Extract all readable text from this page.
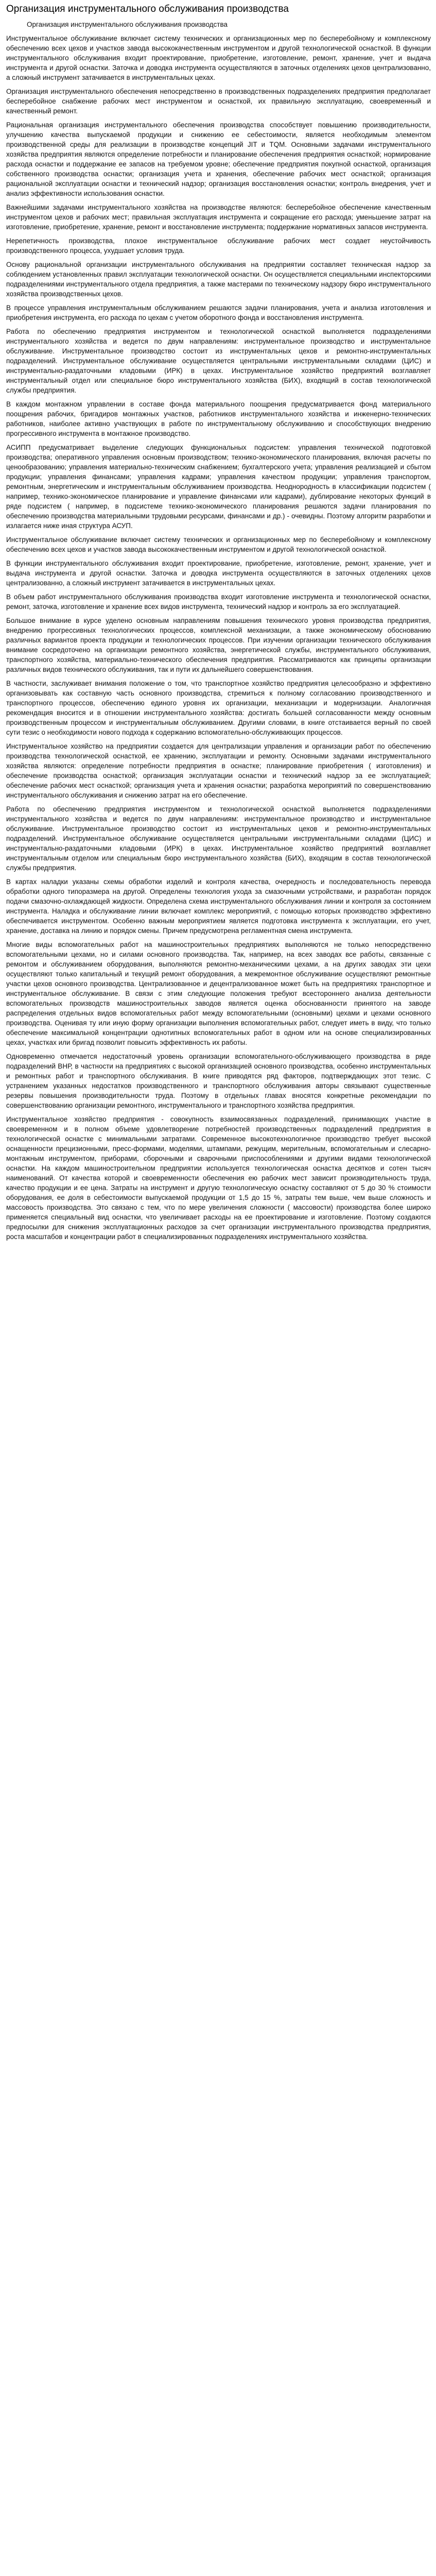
Организация инструментального обслуживания производства

Организация инструментального обслуживания производства

Инструментальное обслуживание включает систему технических и организационных мер по бесперебойному и комплексному обеспечению всех цехов и участков завода высококачественным инструментом и другой технологической оснасткой. В функции инструментального обслуживания входит проектирование, приобретение, изготовление, ремонт, хранение, учет и выдача инструмента и другой оснастки. Заточка и доводка инструмента осуществляются в заточных отделениях цехов централизованно, а сложный инструмент затачивается в инструментальных цехах.

Организация инструментального обеспечения непосредственно в производственных подразделениях предприятия предполагает бесперебойное снабжение рабочих мест инструментом и оснасткой, их правильную эксплуатацию, своевременный и качественный ремонт.

Рациональная организация инструментального обеспечения производства способствует повышению производительности, улучшению качества выпускаемой продукции и снижению ее себестоимости, является необходимым элементом производственной среды для реализации в производстве концепций JIT и TQM. Основными задачами инструментального хозяйства предприятия являются определение потребности и планирование обеспечения предприятия оснасткой; нормирование расхода оснастки и поддержание ее запасов на требуемом уровне; обеспечение предприятия покупной оснасткой, организация собственного производства оснастки; организация учета и хранения, обеспечение рабочих мест оснасткой; организация рациональной эксплуатации оснастки и технический надзор; организация восстановления оснастки; контроль внедрения, учет и анализ эффективности использования оснастки.

Важнейшими задачами инструментального хозяйства на производстве являются: бесперебойное обеспечение качественным инструментом цехов и рабочих мест; правильная эксплуатация инструмента и сокращение его расхода; уменьшение затрат на изготовление, приобретение, хранение, ремонт и восстановление инструмента; поддержание нормативных запасов инструмента.

Нерепетичность производства, плохое инструментальное обслуживание рабочих мест создает неустойчивость производственного процесса, ухудшает условия труда.

Основу рациональной организации инструментального обслуживания на предприятии составляет техническая надзор за соблюдением установленных правил эксплуатации технологической оснастки. Он осуществляется специальными инспекторскими подразделениями инструментального отдела предприятия, а также мастерами по техническому надзору бюро инструментального хозяйства производственных цехов.

В процессе управления инструментальным обслуживанием решаются задачи планирования, учета и анализа изготовления и приобретения инструмента, его расхода по цехам с учетом оборотного фонда и восстановления инструмента.

Работа по обеспечению предприятия инструментом и технологической оснасткой выполняется подразделениями инструментального хозяйства и ведется по двум направлениям: инструментальное производство и инструментальное обслуживание. Инструментальное производство состоит из инструментальных цехов и ремонтно-инструментальных подразделений. Инструментальное обслуживание осуществляется центральными инструментальными складами (ЦИС) и инструментально-раздаточными кладовыми (ИРК) в цехах. Инструментальное хозяйство предприятий возглавляет инструментальный отдел или специальное бюро инструментального хозяйства (БИХ), входящий в состав технологической службы предприятия.

В каждом монтажном управлении в составе фонда материального поощрения предусматривается фонд материального поощрения рабочих, бригадиров монтажных участков, работников инструментального хозяйства и инженерно-технических работников, наиболее активно участвующих в работе по инструментальному обслуживанию и способствующих внедрению прогрессивного инструмента в монтажное производство.

АСИПП предусматривает выделение следующих функциональных подсистем: управления технической подготовкой производства; оперативного управления основным производством; технико-экономического планирования, включая расчеты по ценообразованию; управления материально-техническим снабжением; бухгалтерского учета; управления реализацией и сбытом продукции; управления финансами; управления кадрами; управления качеством продукции; управления транспортом, ремонтным, энергетическим и инструментальным обслуживанием производства. Неоднородность в классификации подсистем ( например, технико-экономическое планирование и управление финансами или кадрами), дублирование некоторых функций в ряде подсистем ( например, в подсистеме технико-экономического планирования решаются задачи планирования по обеспечению производства материальными трудовыми ресурсами, финансами и др.) - очевидны. Поэтому алгоритм разработки и излагается ниже иная структура АСУП.

Инструментальное обслуживание включает систему технических и организационных мер по бесперебойному и комплексному обеспечению всех цехов и участков завода высококачественным инструментом и другой технологической оснасткой.

В функции инструментального обслуживания входит проектирование, приобретение, изготовление, ремонт, хранение, учет и выдача инструмента и другой оснастки. Заточка и доводка инструмента осуществляются в заточных отделениях цехов централизованно, а сложный инструмент затачивается в инструментальных цехах.

В объем работ инструментального обслуживания производства входит изготовление инструмента и технологической оснастки, ремонт, заточка, изготовление и хранение всех видов инструмента, технический надзор и контроль за его эксплуатацией.

Большое внимание в курсе уделено основным направлениям повышения технического уровня производства предприятия, внедрению прогрессивных технологических процессов, комплексной механизации, а также экономическому обоснованию различных вариантов проекта продукции и технологических процессов. При изучении организации технического обслуживания внимание сосредоточено на организации ремонтного хозяйства, энергетической службы, инструментального обслуживания, транспортного хозяйства, материально-технического обеспечения предприятия. Рассматриваются как принципы организации различных видов технического обслуживания, так и пути их дальнейшего совершенствования.

В частности, заслуживает внимания положение о том, что транспортное хозяйство предприятия целесообразно и эффективно организовывать как составную часть основного производства, стремиться к полному согласованию производственного и транспортного процессов, обеспечению единого уровня их организации, механизации и модернизации. Аналогичная рекомендация вносится и в отношении инструментального хозяйства: достигать большей согласованности между основным производственным процессом и инструментальным обслуживанием. Другими словами, в книге отстаивается верный по своей сути тезис о необходимости нового подхода к содержанию вспомогательно-обслуживающих процессов.

Инструментальное хозяйство на предприятии создается для централизации управления и организации работ по обеспечению производства технологической оснасткой, ее хранению, эксплуатации и ремонту. Основными задачами инструментального хозяйства являются: определение потребности предприятия в оснастке; планирование приобретения ( изготовления) и обеспечение производства оснасткой; организация эксплуатации оснастки и технический надзор за ее эксплуатацией; обеспечение рабочих мест оснасткой; организация учета и хранения оснастки; разработка мероприятий по совершенствованию инструментального обслуживания и снижению затрат на его обеспечение.

Работа по обеспечению предприятия инструментом и технологической оснасткой выполняется подразделениями инструментального хозяйства и ведется по двум направлениям: инструментальное производство и инструментальное обслуживание. Инструментальное производство состоит из инструментальных цехов и ремонтно-инструментальных подразделений. Инструментальное обслуживание осуществляется центральными инструментальными складами (ЦИС) и инструментально-раздаточными кладовыми (ИРК) в цехах. Инструментальное хозяйство предприятий возглавляет инструментальным отделом или специальным бюро инструментального хозяйства (БИХ), входящим в состав технологической службы предприятия.

В картах наладки указаны схемы обработки изделий и контроля качества, очередность и последовательность перевода обработки одного типоразмера на другой. Определены технология ухода за смазочными устройствами, и разработан порядок подачи смазочно-охлаждающей жидкости. Определена схема инструментального обслуживания линии и контроля за состоянием инструмента. Наладка и обслуживание линии включает комплекс мероприятий, с помощью которых производство эффективно обеспечивается инструментом. Особенно важным мероприятием является подготовка инструмента к эксплуатации, его учет, хранение, доставка на линию и порядок смены. Причем предусмотрена регламентная смена инструмента.

Многие виды вспомогательных работ на машиностроительных предприятиях выполняются не только непосредственно вспомогательными цехами, но и силами основного производства. Так, например, на всех заводах все работы, связанные с ремонтом и обслуживанием оборудования, выполняются ремонтно-механическими цехами, а на других заводах эти цехи осуществляют только капитальный и текущий ремонт оборудования, а межремонтное обслуживание осуществляют ремонтные участки цехов основного производства. Централизованное и децентрализованное может быть на предприятиях транспортное и инструментальное обслуживание. В связи с этим следующие положения требуют всестороннего анализа деятельности вспомогательных производств машиностроительных заводов является оценка обоснованности принятого на заводе распределения отдельных видов вспомогательных работ между вспомогательными (основными) цехами и цехами основного производства. Оценивая ту или иную форму организации выполнения вспомогательных работ, следует иметь в виду, что только обеспечение максимальной концентрации однотипных вспомогательных работ в одном или на основе специализированных цехах, участках или бригад позволит повысить эффективность их работы.

Одновременно отмечается недостаточный уровень организации вспомогательного-обслуживающего производства в ряде подразделений ВНР, в частности на предприятиях с высокой организацией основного производства, особенно инструментальных и ремонтных работ и транспортного обслуживания. В книге приводятся ряд факторов, подтверждающих этот тезис. С устранением указанных недостатков производственного и транспортного обслуживания авторы связывают существенные резервы повышения производительности труда. Поэтому в отдельных главах вносятся конкретные рекомендации по совершенствованию организации ремонтного, инструментального и транспортного хозяйства предприятия.

Инструментальное хозяйство предприятия - совокупность взаимосвязанных подразделений, принимающих участие в своевременном и в полном объеме удовлетворение потребностей производственных подразделений предприятия в технологической оснастке с минимальными затратами. Современное высокотехнологичное производство требует высокой оснащенности прецизионными, пресс-формами, моделями, штампами, режущим, мерительным, вспомогательным и слесарно-монтажным инструментом, приборами, сборочными и сварочными приспособлениями и другими видами технологической оснастки. На каждом машиностроительном предприятии используется технологическая оснастка десятков и сотен тысяч наименований. От качества которой и своевременности обеспечения ею рабочих мест зависит производительность труда, качество продукции и ее цена. Затраты на инструмент и другую технологическую оснастку составляют от 5 до 30 % стоимости оборудования, ее доля в себестоимости выпускаемой продукции от 1,5 до 15 %, затраты тем выше, чем выше сложность и массовость производства. Это связано с тем, что по мере увеличения сложности ( массовости) производства более широко применяется специальный вид оснастки, что увеличивает расходы на ее проектирование и изготовление. Поэтому создаются предпосылки для снижения эксплуатационных расходов за счет организации инструментального производства предприятия, роста масштабов и концентрации работ в специализированных подразделениях инструментального хозяйства.
